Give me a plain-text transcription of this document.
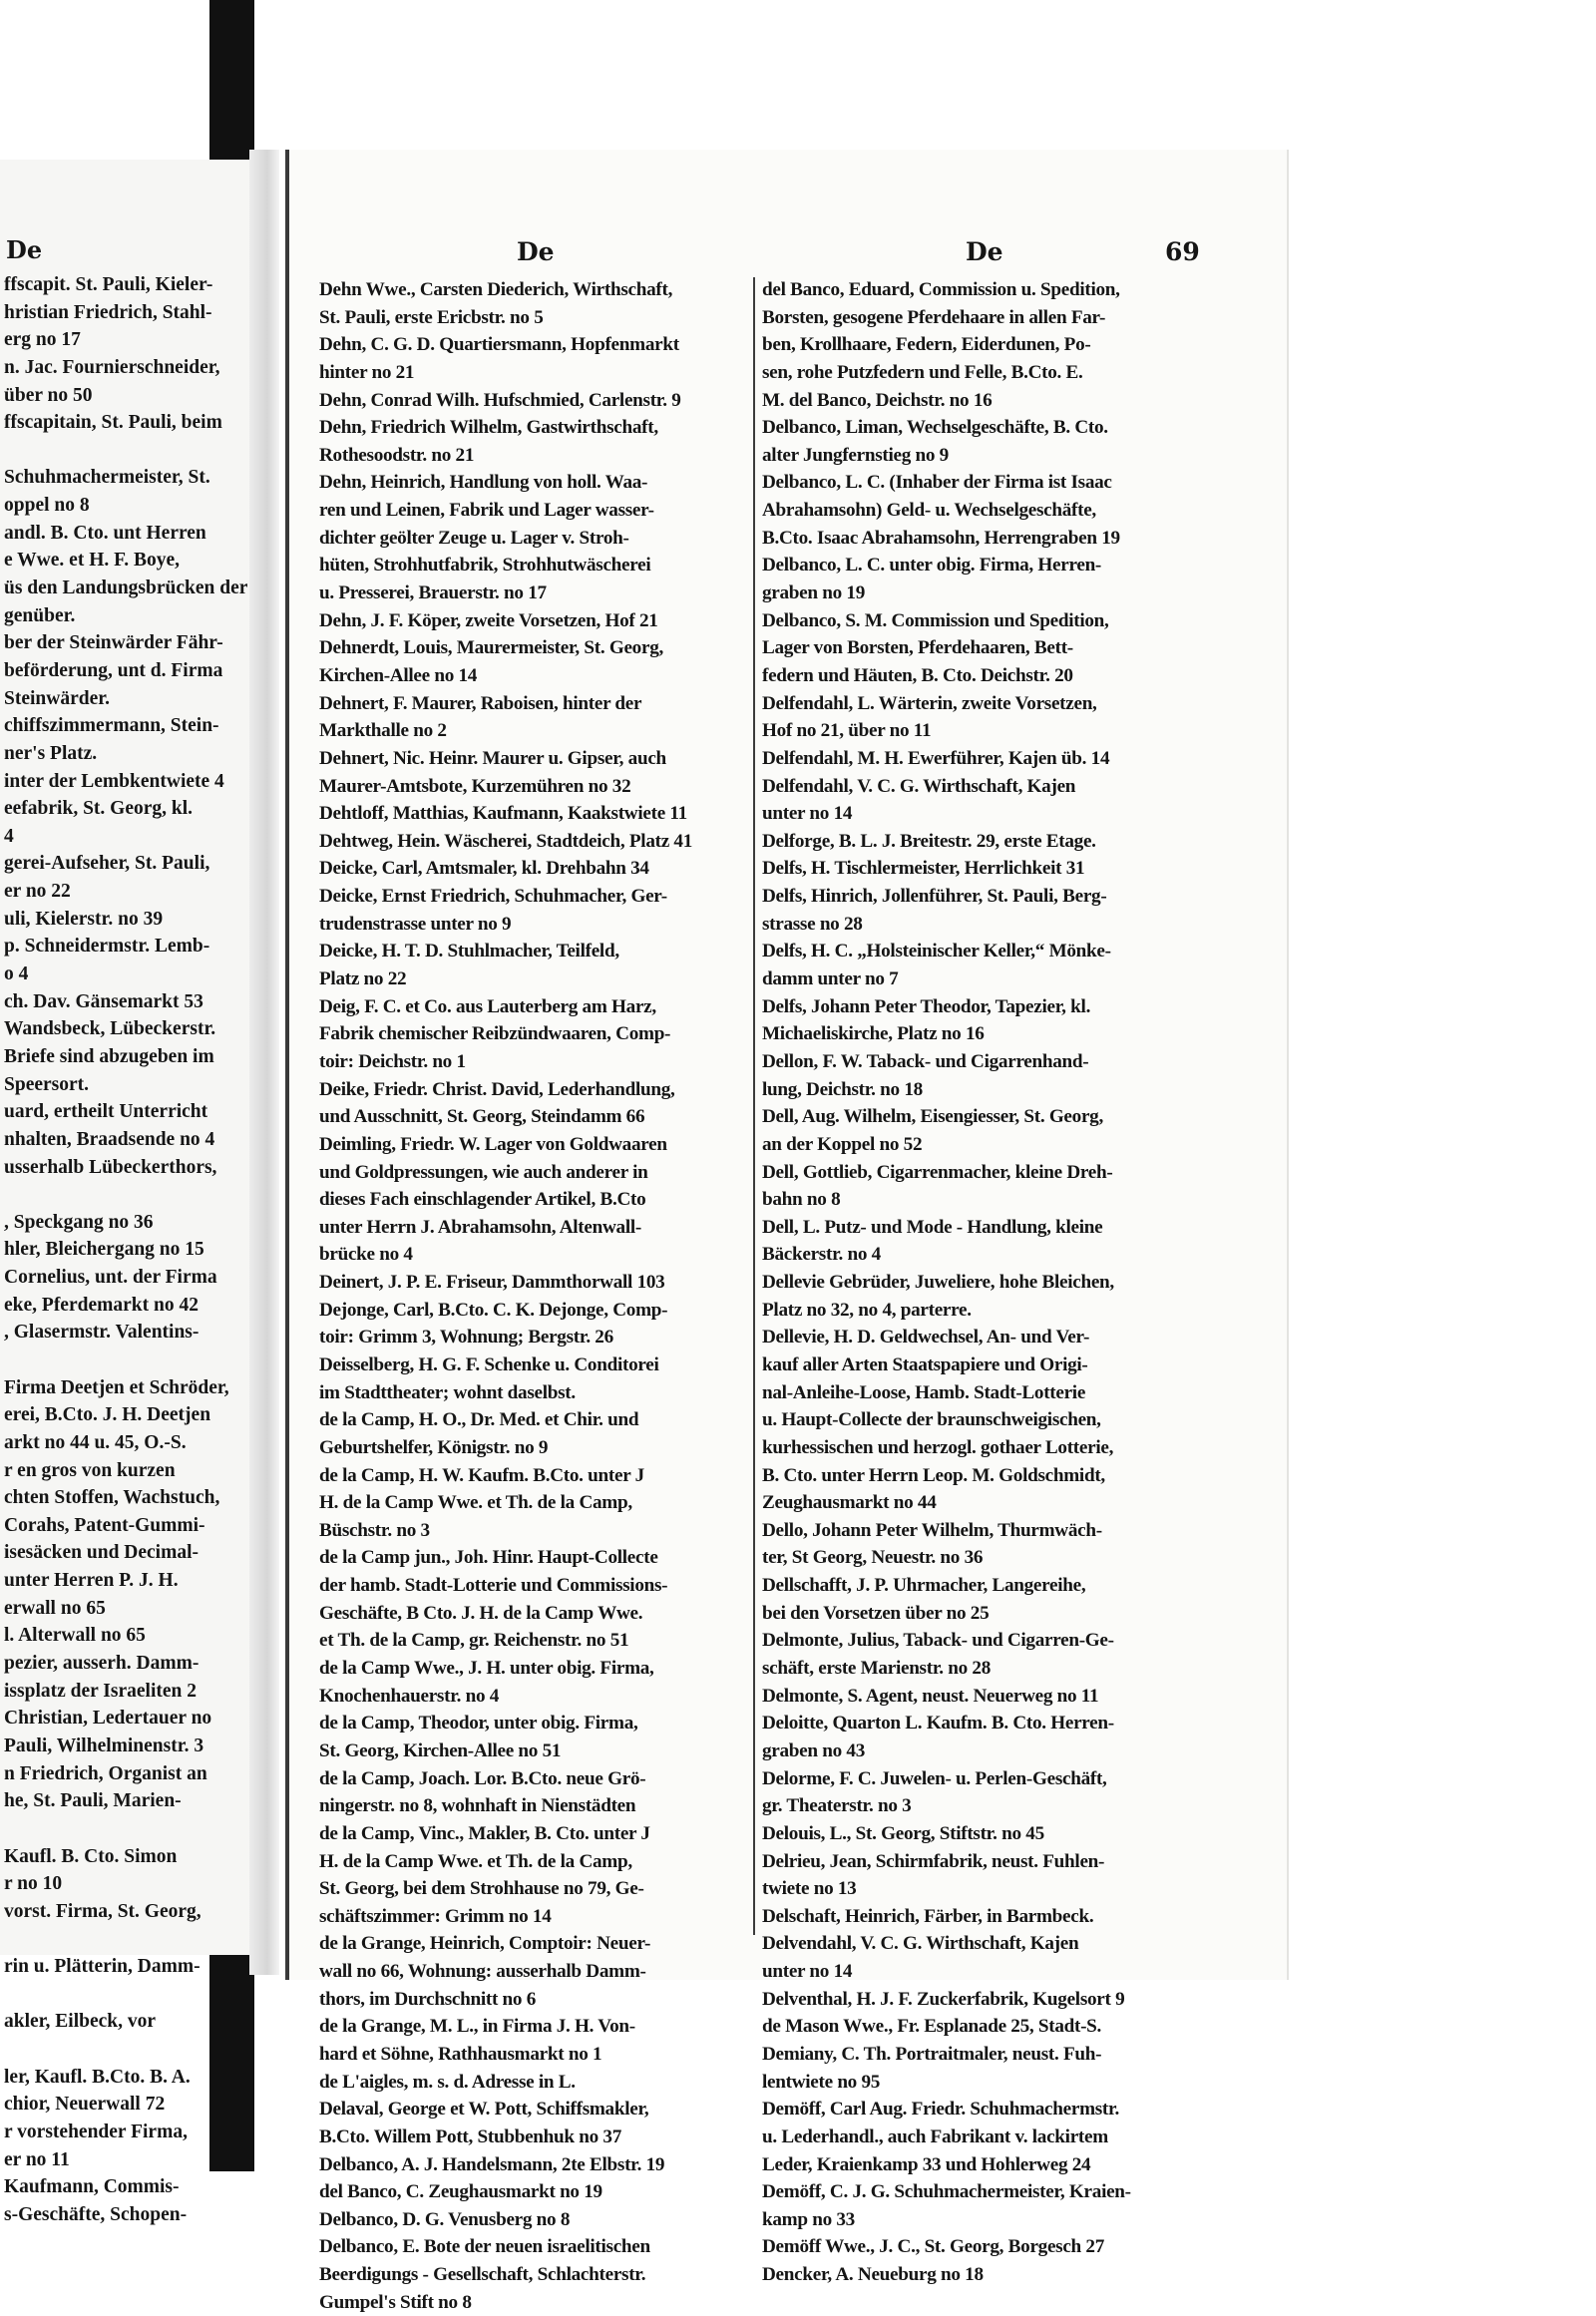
De
ffscapit. St. Pauli, Kieler-
hristian Friedrich, Stahl-
erg no 17
n. Jac. Fournierschneider,
über no 50
ffscapitain, St. Pauli, beim
Schuhmachermeister, St.
oppel no 8
andl. B. Cto. unt Herren
e Wwe. et H. F. Boye,
üs den Landungsbrücken der
genüber.
ber der Steinwärder Fähr-
beförderung, unt d. Firma
Steinwärder.
chiffszimmermann, Stein-
ner's Platz.
inter der Lembkentwiete 4
eefabrik, St. Georg, kl.
4
gerei-Aufseher, St. Pauli,
er no 22
uli, Kielerstr. no 39
p. Schneidermstr. Lemb-
o 4
ch. Dav. Gänsemarkt 53
Wandsbeck, Lübeckerstr.
Briefe sind abzugeben im
Speersort.
uard, ertheilt Unterricht
nhalten, Braadsende no 4
usserhalb Lübeckerthors,
, Speckgang no 36
hler, Bleichergang no 15
Cornelius, unt. der Firma
eke, Pferdemarkt no 42
, Glasermstr. Valentins-
Firma Deetjen et Schröder,
erei, B.Cto. J. H. Deetjen
arkt no 44 u. 45, O.-S.
r en gros von kurzen
chten Stoffen, Wachstuch,
Corahs, Patent-Gummi-
isesäcken und Decimal-
unter Herren P. J. H.
erwall no 65
l. Alterwall no 65
pezier, ausserh. Damm-
issplatz der Israeliten 2
Christian, Ledertauer no
Pauli, Wilhelminenstr. 3
n Friedrich, Organist an
he, St. Pauli, Marien-
Kaufl. B. Cto. Simon
r no 10
vorst. Firma, St. Georg,
rin u. Plätterin, Damm-
akler, Eilbeck, vor
ler, Kaufl. B.Cto. B. A.
chior, Neuerwall 72
r vorstehender Firma,
er no 11
Kaufmann, Commis-
s-Geschäfte, Schopen-
De	De	69
Dehn Wwe., Carsten Diederich, Wirthschaft,
St. Pauli, erste Ericbstr. no 5
Dehn, C. G. D. Quartiersmann, Hopfenmarkt
hinter no 21
Dehn, Conrad Wilh. Hufschmied, Carlenstr. 9
Dehn, Friedrich Wilhelm, Gastwirthschaft,
Rothesoodstr. no 21
Dehn, Heinrich, Handlung von holl. Waa-
ren und Leinen, Fabrik und Lager wasser-
dichter geölter Zeuge u. Lager v. Stroh-
hüten, Strohhutfabrik, Strohhutwäscherei
u. Presserei, Brauerstr. no 17
Dehn, J. F. Köper, zweite Vorsetzen, Hof 21
Dehnerdt, Louis, Maurermeister, St. Georg,
Kirchen-Allee no 14
Dehnert, F. Maurer, Raboisen, hinter der
Markthalle no 2
Dehnert, Nic. Heinr. Maurer u. Gipser, auch
Maurer-Amtsbote, Kurzemühren no 32
Dehtloff, Matthias, Kaufmann, Kaakstwiete 11
Dehtweg, Hein. Wäscherei, Stadtdeich, Platz 41
Deicke, Carl, Amtsmaler, kl. Drehbahn 34
Deicke, Ernst Friedrich, Schuhmacher, Ger-
trudenstrasse unter no 9
Deicke, H. T. D. Stuhlmacher, Teilfeld,
Platz no 22
Deig, F. C. et Co. aus Lauterberg am Harz,
Fabrik chemischer Reibzündwaaren, Comp-
toir: Deichstr. no 1
Deike, Friedr. Christ. David, Lederhandlung,
und Ausschnitt, St. Georg, Steindamm 66
Deimling, Friedr. W. Lager von Goldwaaren
und Goldpressungen, wie auch anderer in
dieses Fach einschlagender Artikel, B.Cto
unter Herrn J. Abrahamsohn, Altenwall-
brücke no 4
Deinert, J. P. E. Friseur, Dammthorwall 103
Dejonge, Carl, B.Cto. C. K. Dejonge, Comp-
toir: Grimm 3, Wohnung; Bergstr. 26
Deisselberg, H. G. F. Schenke u. Conditorei
im Stadttheater; wohnt daselbst.
de la Camp, H. O., Dr. Med. et Chir. und
Geburtshelfer, Königstr. no 9
de la Camp, H. W. Kaufm. B.Cto. unter J
H. de la Camp Wwe. et Th. de la Camp,
Büschstr. no 3
de la Camp jun., Joh. Hinr. Haupt-Collecte
der hamb. Stadt-Lotterie und Commissions-
Geschäfte, B Cto. J. H. de la Camp Wwe.
et Th. de la Camp, gr. Reichenstr. no 51
de la Camp Wwe., J. H. unter obig. Firma,
Knochenhauerstr. no 4
de la Camp, Theodor, unter obig. Firma,
St. Georg, Kirchen-Allee no 51
de la Camp, Joach. Lor. B.Cto. neue Grö-
ningerstr. no 8, wohnhaft in Nienstädten
de la Camp, Vinc., Makler, B. Cto. unter J
H. de la Camp Wwe. et Th. de la Camp,
St. Georg, bei dem Strohhause no 79, Ge-
schäftszimmer: Grimm no 14
de la Grange, Heinrich, Comptoir: Neuer-
wall no 66, Wohnung: ausserhalb Damm-
thors, im Durchschnitt no 6
de la Grange, M. L., in Firma J. H. Von-
hard et Söhne, Rathhausmarkt no 1
de L'aigles, m. s. d. Adresse in L.
Delaval, George et W. Pott, Schiffsmakler,
B.Cto. Willem Pott, Stubbenhuk no 37
Delbanco, A. J. Handelsmann, 2te Elbstr. 19
del Banco, C. Zeughausmarkt no 19
Delbanco, D. G. Venusberg no 8
Delbanco, E. Bote der neuen israelitischen
Beerdigungs - Gesellschaft, Schlachterstr.
Gumpel's Stift no 8
del Banco, Eduard, Commission u. Spedition,
Borsten, gesogene Pferdehaare in allen Far-
ben, Krollhaare, Federn, Eiderdunen, Po-
sen, rohe Putzfedern und Felle, B.Cto. E.
M. del Banco, Deichstr. no 16
Delbanco, Liman, Wechselgeschäfte, B. Cto.
alter Jungfernstieg no 9
Delbanco, L. C. (Inhaber der Firma ist Isaac
Abrahamsohn) Geld- u. Wechselgeschäfte,
B.Cto. Isaac Abrahamsohn, Herrengraben 19
Delbanco, L. C. unter obig. Firma, Herren-
graben no 19
Delbanco, S. M. Commission und Spedition,
Lager von Borsten, Pferdehaaren, Bett-
federn und Häuten, B. Cto. Deichstr. 20
Delfendahl, L. Wärterin, zweite Vorsetzen,
Hof no 21, über no 11
Delfendahl, M. H. Ewerführer, Kajen üb. 14
Delfendahl, V. C. G. Wirthschaft, Kajen
unter no 14
Delforge, B. L. J. Breitestr. 29, erste Etage.
Delfs, H. Tischlermeister, Herrlichkeit 31
Delfs, Hinrich, Jollenführer, St. Pauli, Berg-
strasse no 28
Delfs, H. C. „Holsteinischer Keller,“ Mönke-
damm unter no 7
Delfs, Johann Peter Theodor, Tapezier, kl.
Michaeliskirche, Platz no 16
Dellon, F. W. Taback- und Cigarrenhand-
lung, Deichstr. no 18
Dell, Aug. Wilhelm, Eisengiesser, St. Georg,
an der Koppel no 52
Dell, Gottlieb, Cigarrenmacher, kleine Dreh-
bahn no 8
Dell, L. Putz- und Mode - Handlung, kleine
Bäckerstr. no 4
Dellevie Gebrüder, Juweliere, hohe Bleichen,
Platz no 32, no 4, parterre.
Dellevie, H. D. Geldwechsel, An- und Ver-
kauf aller Arten Staatspapiere und Origi-
nal-Anleihe-Loose, Hamb. Stadt-Lotterie
u. Haupt-Collecte der braunschweigischen,
kurhessischen und herzogl. gothaer Lotterie,
B. Cto. unter Herrn Leop. M. Goldschmidt,
Zeughausmarkt no 44
Dello, Johann Peter Wilhelm, Thurmwäch-
ter, St Georg, Neuestr. no 36
Dellschafft, J. P. Uhrmacher, Langereihe,
bei den Vorsetzen über no 25
Delmonte, Julius, Taback- und Cigarren-Ge-
schäft, erste Marienstr. no 28
Delmonte, S. Agent, neust. Neuerweg no 11
Deloitte, Quarton L. Kaufm. B. Cto. Herren-
graben no 43
Delorme, F. C. Juwelen- u. Perlen-Geschäft,
gr. Theaterstr. no 3
Delouis, L., St. Georg, Stiftstr. no 45
Delrieu, Jean, Schirmfabrik, neust. Fuhlen-
twiete no 13
Delschaft, Heinrich, Färber, in Barmbeck.
Delvendahl, V. C. G. Wirthschaft, Kajen
unter no 14
Delventhal, H. J. F. Zuckerfabrik, Kugelsort 9
de Mason Wwe., Fr. Esplanade 25, Stadt-S.
Demiany, C. Th. Portraitmaler, neust. Fuh-
lentwiete no 95
Demöff, Carl Aug. Friedr. Schuhmachermstr.
u. Lederhandl., auch Fabrikant v. lackirtem
Leder, Kraienkamp 33 und Hohlerweg 24
Demöff, C. J. G. Schuhmachermeister, Kraien-
kamp no 33
Demöff Wwe., J. C., St. Georg, Borgesch 27
Dencker, A. Neueburg no 18
